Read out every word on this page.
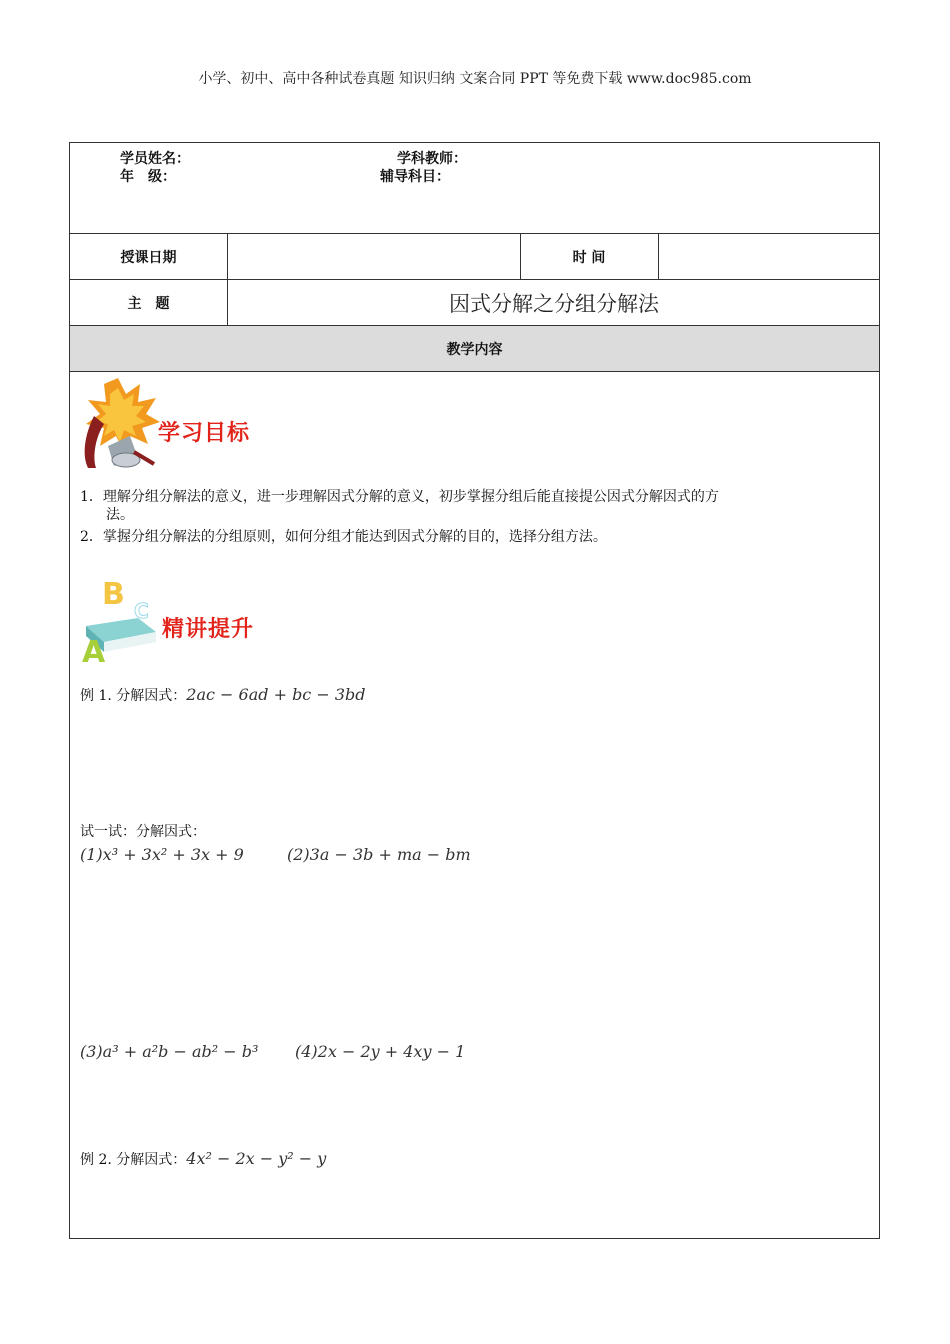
小学、初中、高中各种试卷真题 知识归纳 文案合同 PPT 等免费下载 www.doc985.com
学员姓名：	学科教师：
年　级：	辅导科目：
授课日期	时 间
主　题	因式分解之分组分解法
教学内容
学习目标
1．理解分组分解法的意义，进一步理解因式分解的意义，初步掌握分组后能直接提公因式分解因式的方
法。
2．掌握分组分解法的分组原则，如何分组才能达到因式分解的目的，选择分组方法。
B C
A
精讲提升
例 1. 分解因式：2ac − 6ad + bc − 3bd
试一试：分解因式：
(1)x³ + 3x² + 3x + 9	(2)3a − 3b + ma − bm
(3)a³ + a²b − ab² − b³ (4)2x − 2y + 4xy − 1
例 2. 分解因式：4x² − 2x − y² − y
